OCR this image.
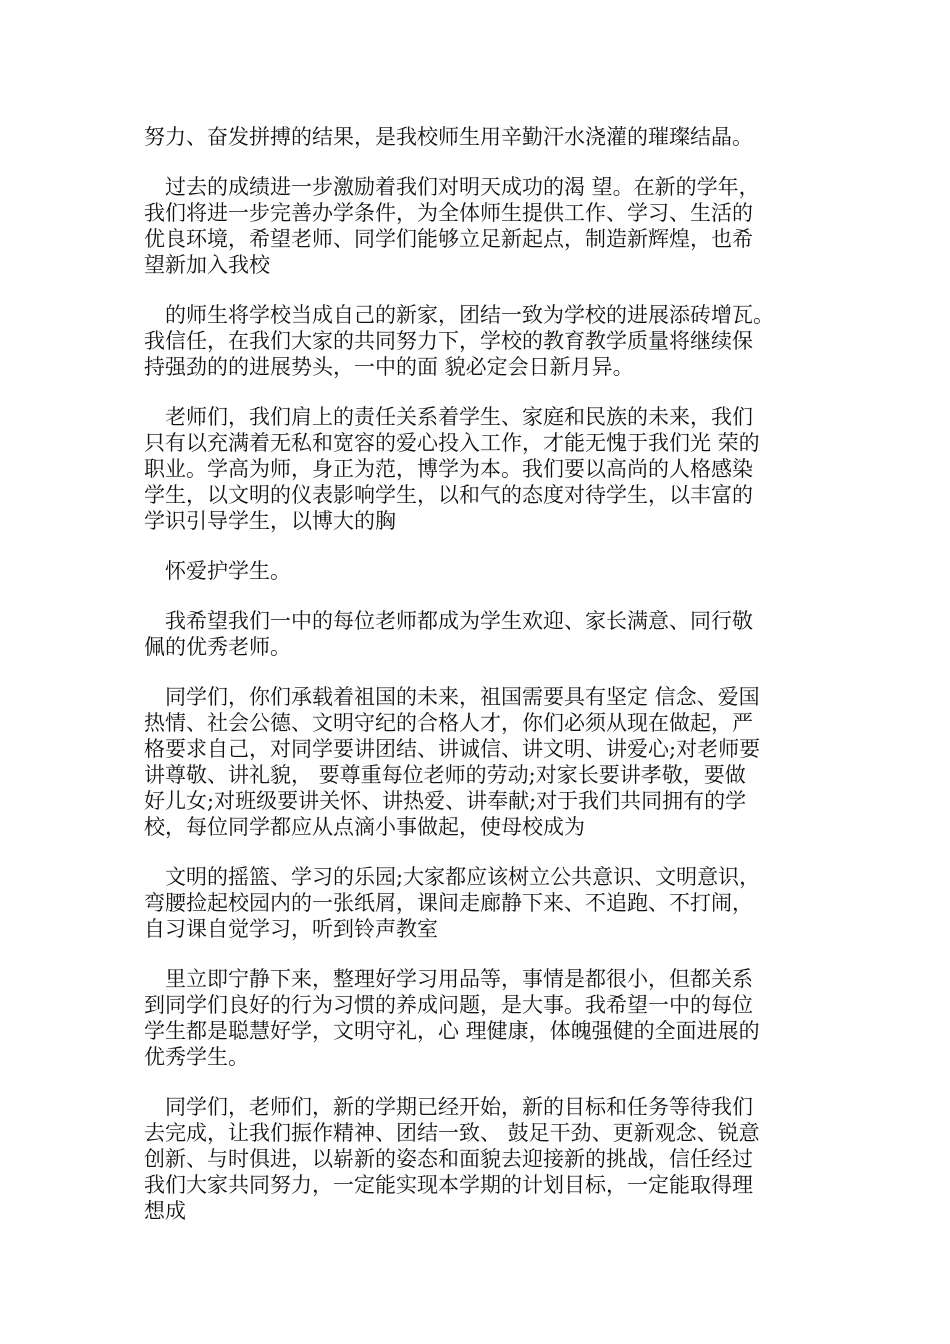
努力、奋发拼搏的结果，是我校师生用辛勤汗水浇灌的璀璨结晶。
过去的成绩进一步激励着我们对明天成功的渴 望。在新的学年，
我们将进一步完善办学条件，为全体师生提供工作、学习、生活的
优良环境，希望老师、同学们能够立足新起点，制造新辉煌，也希
望新加入我校
的师生将学校当成自己的新家，团结一致为学校的进展添砖增瓦。
我信任，在我们大家的共同努力下，学校的教育教学质量将继续保
持强劲的的进展势头，一中的面 貌必定会日新月异。
老师们，我们肩上的责任关系着学生、家庭和民族的未来，我们
只有以充满着无私和宽容的爱心投入工作，才能无愧于我们光 荣的
职业。学高为师，身正为范，博学为本。我们要以高尚的人格感染
学生，以文明的仪表影响学生，以和气的态度对待学生，以丰富的
学识引导学生，以博大的胸
怀爱护学生。
我希望我们一中的每位老师都成为学生欢迎、家长满意、同行敬
佩的优秀老师。
同学们，你们承载着祖国的未来，祖国需要具有坚定 信念、爱国
热情、社会公德、文明守纪的合格人才，你们必须从现在做起，严
格要求自己，对同学要讲团结、讲诚信、讲文明、讲爱心;对老师要
讲尊敬、讲礼貌， 要尊重每位老师的劳动;对家长要讲孝敬，要做
好儿女;对班级要讲关怀、讲热爱、讲奉献;对于我们共同拥有的学
校，每位同学都应从点滴小事做起，使母校成为
文明的摇篮、学习的乐园;大家都应该树立公共意识、文明意识，
弯腰捡起校园内的一张纸屑，课间走廊静下来、不追跑、不打闹，
自习课自觉学习，听到铃声教室
里立即宁静下来，整理好学习用品等，事情是都很小，但都关系
到同学们良好的行为习惯的养成问题，是大事。我希望一中的每位
学生都是聪慧好学，文明守礼，心 理健康，体魄强健的全面进展的
优秀学生。
同学们，老师们，新的学期已经开始，新的目标和任务等待我们
去完成，让我们振作精神、团结一致、 鼓足干劲、更新观念、锐意
创新、与时俱进，以崭新的姿态和面貌去迎接新的挑战，信任经过
我们大家共同努力，一定能实现本学期的计划目标，一定能取得理
想成
